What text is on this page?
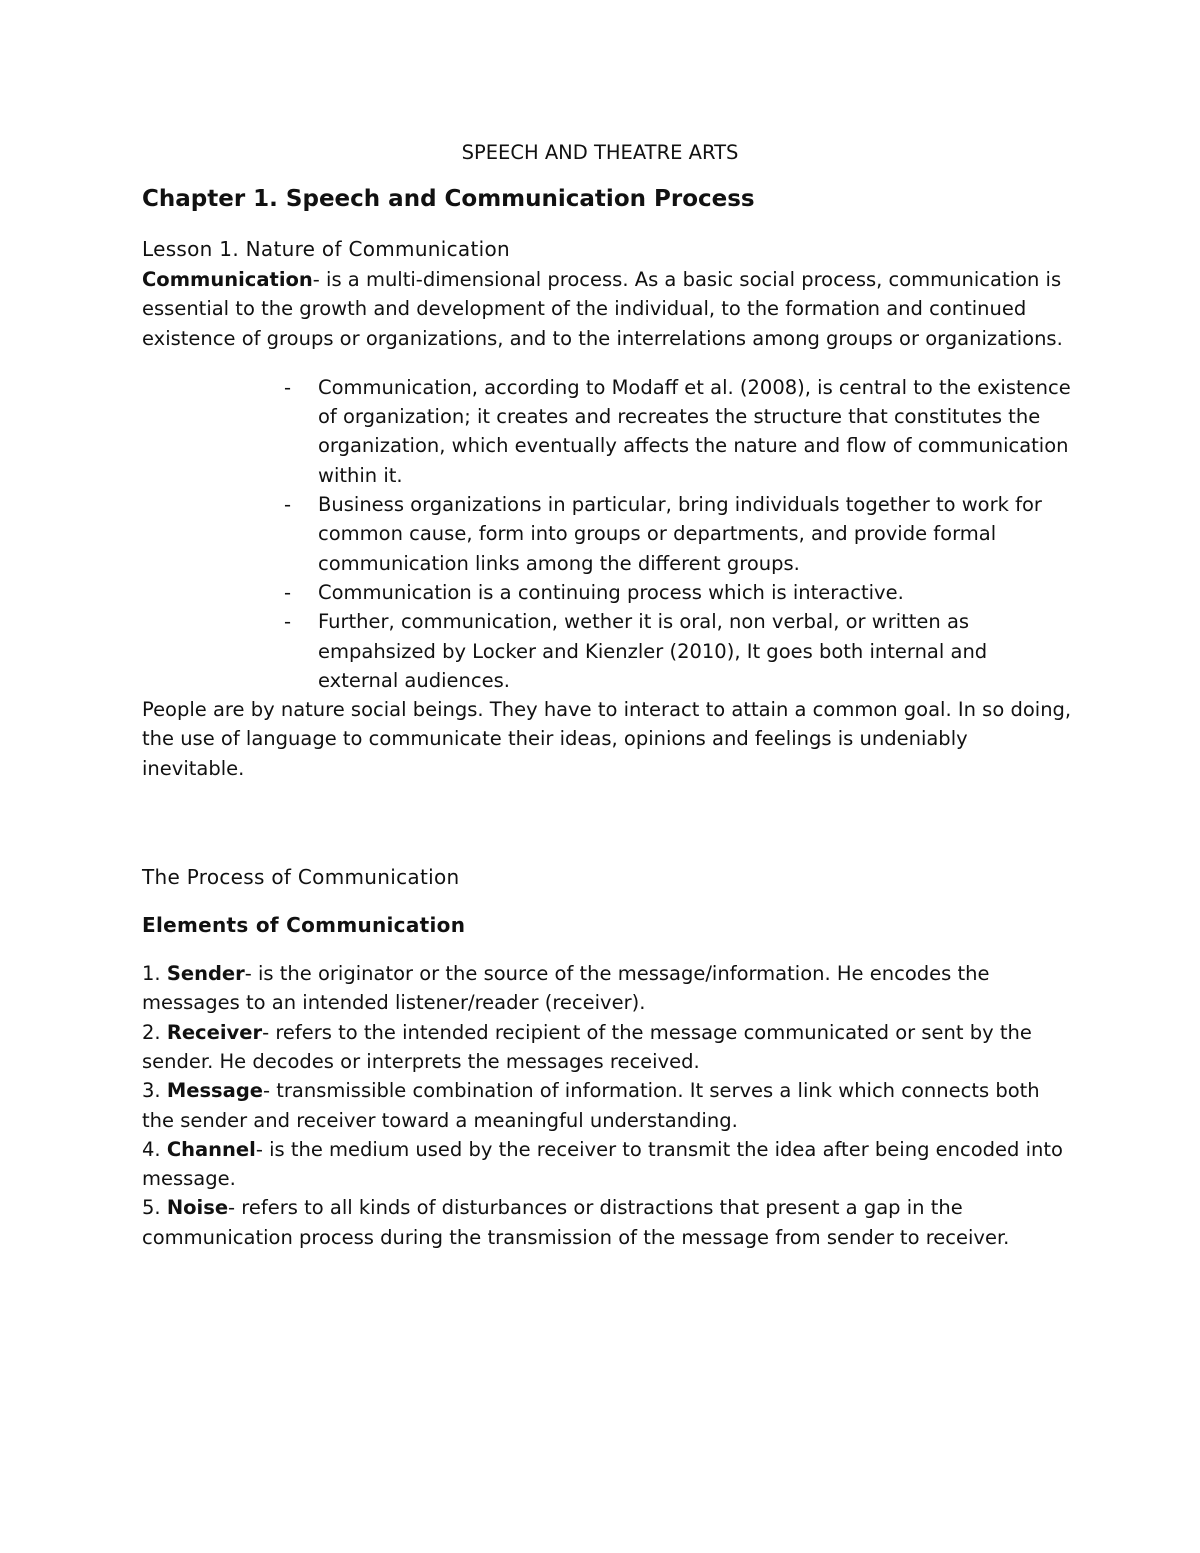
SPEECH AND THEATRE ARTS
Chapter 1. Speech and Communication Process
Lesson 1. Nature of Communication

Communication- is a multi-dimensional process. As a basic social process, communication is essential to the growth and development of the individual, to the formation and continued existence of groups or organizations, and to the interrelations among groups or organizations.

- Communication, according to Modaff et al. (2008), is central to the existence of organization; it creates and recreates the structure that constitutes the organization, which eventually affects the nature and flow of communication within it.
- Business organizations in particular, bring individuals together to work for common cause, form into groups or departments, and provide formal communication links among the different groups.
- Communication is a continuing process which is interactive.
- Further, communication, wether it is oral, non verbal, or written as empahsized by Locker and Kienzler (2010), It goes both internal and external audiences.

People are by nature social beings. They have to interact to attain a common goal. In so doing, the use of language to communicate their ideas, opinions and feelings is undeniably inevitable.

The Process of Communication
Elements of Communication

1. Sender- is the originator or the source of the message/information. He encodes the messages to an intended listener/reader (receiver).

2. Receiver- refers to the intended recipient of the message communicated or sent by the sender. He decodes or interprets the messages received.

3. Message- transmissible combination of information. It serves a link which connects both the sender and receiver toward a meaningful understanding.

4. Channel- is the medium used by the receiver to transmit the idea after being encoded into message.

5. Noise- refers to all kinds of disturbances or distractions that present a gap in the communication process during the transmission of the message from sender to receiver.
